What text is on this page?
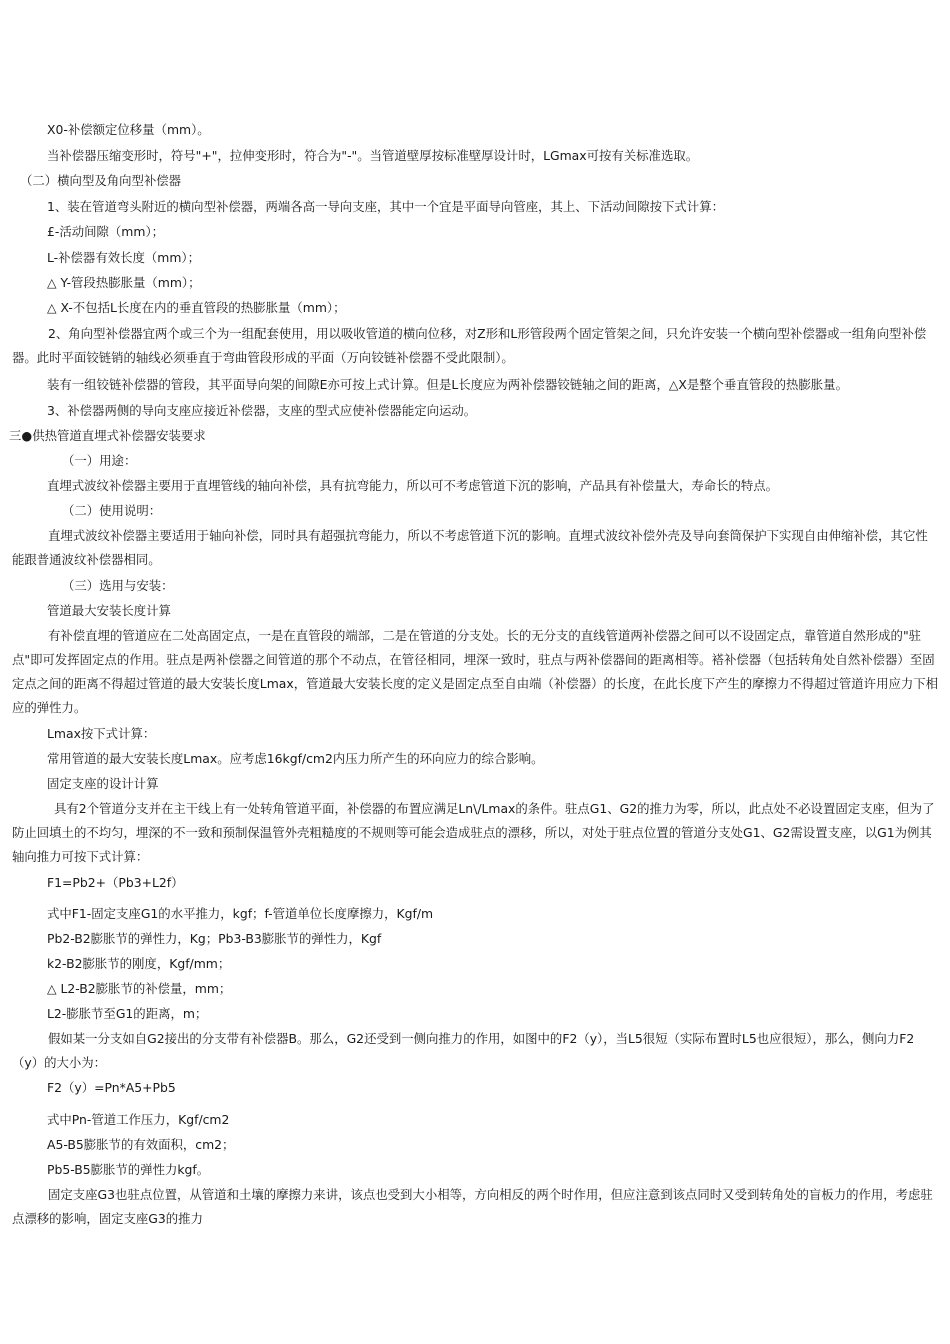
X0-补偿额定位移量（mm）。

当补偿器压缩变形时，符号"+"，拉伸变形时，符合为"-"。当管道壁厚按标准壁厚设计时，LGmax可按有关标准选取。

（二）横向型及角向型补偿器

1、装在管道弯头附近的横向型补偿器，两端各高一导向支座，其中一个宜是平面导向管座，其上、下活动间隙按下式计算：

£-活动间隙（mm）；

L-补偿器有效长度（mm）；

△ Y-管段热膨胀量（mm）；

△ X-不包括L长度在内的垂直管段的热膨胀量（mm）；

2、角向型补偿器宜两个或三个为一组配套使用，用以吸收管道的横向位移，对Z形和L形管段两个固定管架之间，只允许安装一个横向型补偿器或一组角向型补偿器。此时平面铰链销的轴线必须垂直于弯曲管段形成的平面（万向铰链补偿器不受此限制）。

装有一组铰链补偿器的管段，其平面导向架的间隙E亦可按上式计算。但是L长度应为两补偿器铰链轴之间的距离，△X是整个垂直管段的热膨胀量。

3、补偿器两侧的导向支座应接近补偿器，支座的型式应使补偿器能定向运动。

三●供热管道直埋式补偿器安装要求

（一）用途：

直埋式波纹补偿器主要用于直埋管线的轴向补偿，具有抗弯能力，所以可不考虑管道下沉的影响，产品具有补偿量大，寿命长的特点。

（二）使用说明：

直埋式波纹补偿器主要适用于轴向补偿，同时具有超强抗弯能力，所以不考虑管道下沉的影响。直埋式波纹补偿外壳及导向套筒保护下实现自由伸缩补偿，其它性能跟普通波纹补偿器相同。

（三）选用与安装：

管道最大安装长度计算

有补偿直埋的管道应在二处高固定点，一是在直管段的端部，二是在管道的分支处。长的无分支的直线管道两补偿器之间可以不设固定点，靠管道自然形成的"驻点"即可发挥固定点的作用。驻点是两补偿器之间管道的那个不动点，在管径相同，埋深一致时，驻点与两补偿器间的距离相等。褡补偿器（包括转角处自然补偿器）至固定点之间的距离不得超过管道的最大安装长度Lmax，管道最大安装长度的定义是固定点至自由端（补偿器）的长度，在此长度下产生的摩擦力不得超过管道许用应力下相应的弹性力。

Lmax按下式计算：

常用管道的最大安装长度Lmax。应考虑16kgf/cm2内压力所产生的环向应力的综合影响。

固定支座的设计计算

具有2个管道分支并在主干线上有一处转角管道平面，补偿器的布置应满足Ln\/Lmax的条件。驻点G1、G2的推力为零，所以，此点处不必设置固定支座，但为了防止回填土的不均匀，埋深的不一致和预制保温管外壳粗糙度的不规则等可能会造成驻点的漂移，所以，对处于驻点位置的管道分支处G1、G2需设置支座，以G1为例其轴向推力可按下式计算：

F1=Pb2+（Pb3+L2f）

式中F1-固定支座G1的水平推力，kgf；f-管道单位长度摩擦力，Kgf/m

Pb2-B2膨胀节的弹性力，Kg；Pb3-B3膨胀节的弹性力，Kgf

k2-B2膨胀节的刚度，Kgf/mm；

△ L2-B2膨胀节的补偿量，mm；

L2-膨胀节至G1的距离，m；

假如某一分支如自G2接出的分支带有补偿器B。那么，G2还受到一侧向推力的作用，如图中的F2（y），当L5很短（实际布置时L5也应很短），那么，侧向力F2（y）的大小为：

F2（y）=Pn*A5+Pb5

式中Pn-管道工作压力，Kgf/cm2

A5-B5膨胀节的有效面积，cm2；

Pb5-B5膨胀节的弹性力kgf。

固定支座G3也驻点位置，从管道和土壤的摩擦力来讲，该点也受到大小相等，方向相反的两个时作用，但应注意到该点同时又受到转角处的盲板力的作用，考虑驻点漂移的影响，固定支座G3的推力
